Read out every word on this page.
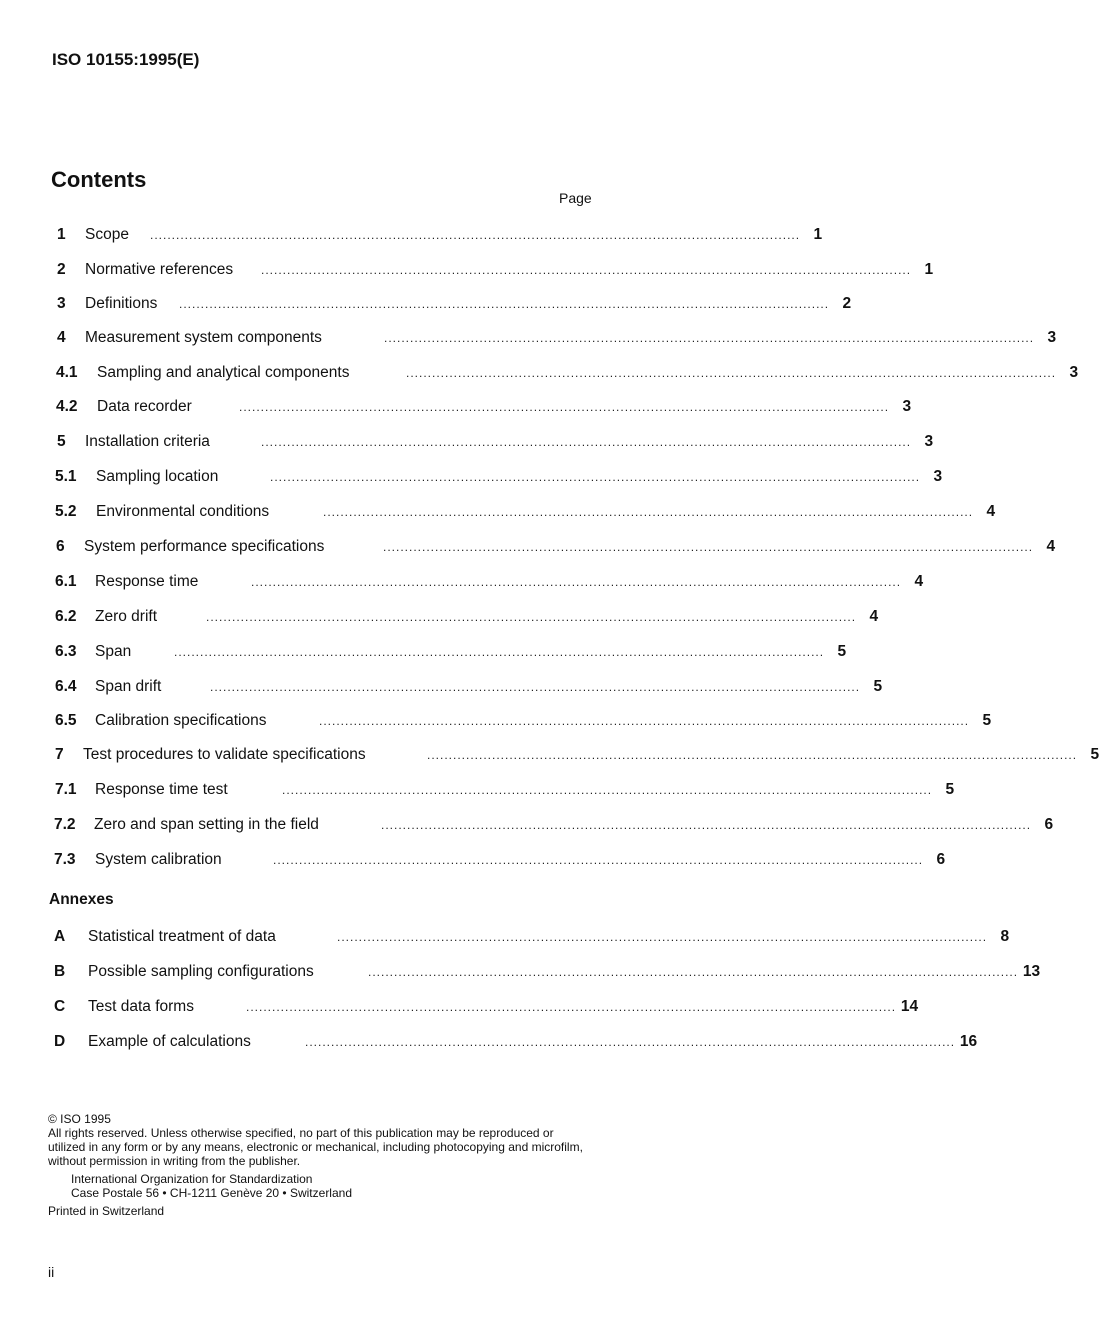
ISO 10155:1995(E)
Contents
Page
1	Scope	...................................................................................................................................................... 1
2	Normative references	...................................................................................................................................................... 1
3	Definitions	...................................................................................................................................................... 2
4	Measurement system components	...................................................................................................................................................... 3
4.1	Sampling and analytical components	...................................................................................................................................................... 3
4.2	Data recorder	...................................................................................................................................................... 3
5	Installation criteria	...................................................................................................................................................... 3
5.1	Sampling location	...................................................................................................................................................... 3
5.2	Environmental conditions	...................................................................................................................................................... 4
6	System performance specifications	...................................................................................................................................................... 4
6.1	Response time	...................................................................................................................................................... 4
6.2	Zero drift	...................................................................................................................................................... 4
6.3	Span	...................................................................................................................................................... 5
6.4	Span drift	...................................................................................................................................................... 5
6.5	Calibration specifications	...................................................................................................................................................... 5
7	Test procedures to validate specifications	...................................................................................................................................................... 5
7.1	Response time test	...................................................................................................................................................... 5
7.2	Zero and span setting in the field	...................................................................................................................................................... 6
7.3	System calibration	...................................................................................................................................................... 6
Annexes
A	Statistical treatment of data	...................................................................................................................................................... 8
B	Possible sampling configurations	...................................................................................................................................................... 13
C	Test data forms	...................................................................................................................................................... 14
D	Example of calculations	...................................................................................................................................................... 16

© ISO 1995

All rights reserved. Unless otherwise specified, no part of this publication may be reproduced or utilized in any form or by any means, electronic or mechanical, including photocopying and microfilm, without permission in writing from the publisher.

International Organization for Standardization

Case Postale 56 • CH-1211 Genève 20 • Switzerland

Printed in Switzerland

ii
